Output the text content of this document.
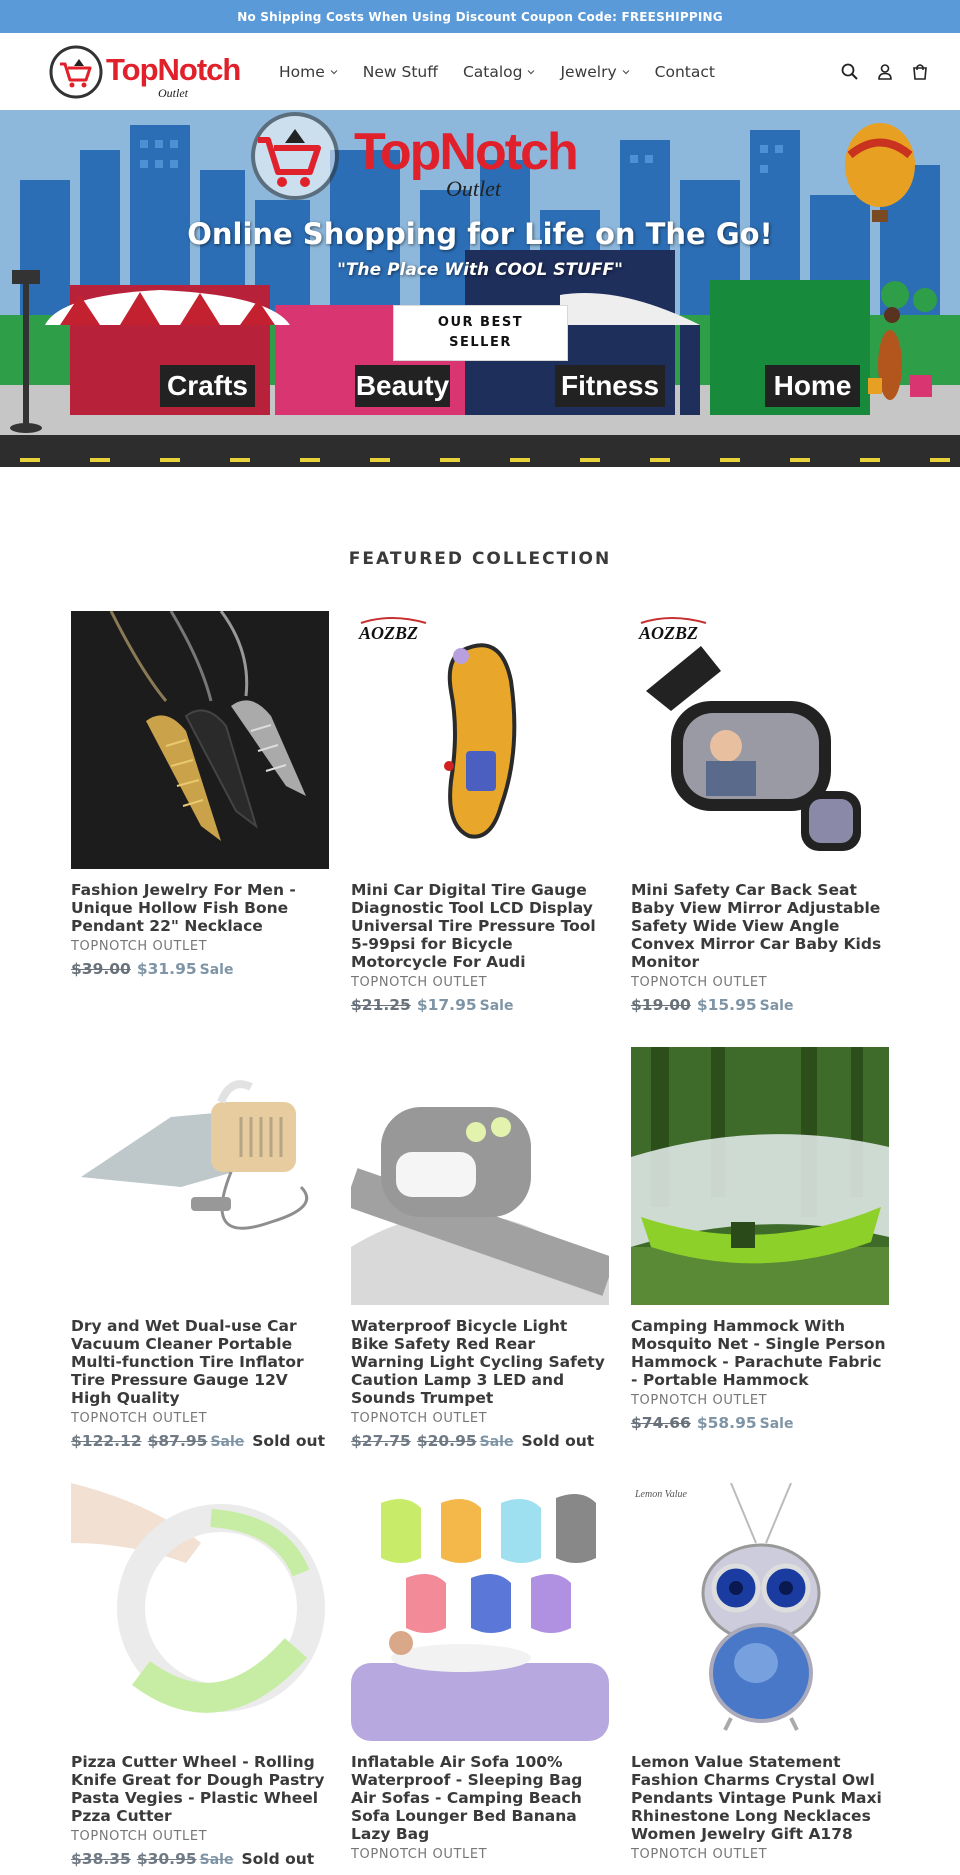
No Shipping Costs When Using Discount Coupon Code: FREESHIPPING
TopNotch
Outlet
Home New Stuff Catalog Jewelry Contact
TopNotch
Outlet
Crafts	Beauty	Fitness	Home
Online Shopping for Life on The Go!
"The Place With COOL STUFF"
OUR BEST SELLER
FEATURED COLLECTION
Fashion Jewelry For Men - Unique Hollow Fish Bone Pendant 22" Necklace
TOPNOTCH OUTLET
$39.00 $31.95 Sale
AOZBZ
Mini Car Digital Tire Gauge Diagnostic Tool LCD Display Universal Tire Pressure Tool 5-99psi for Bicycle Motorcycle For Audi
TOPNOTCH OUTLET
$21.25 $17.95 Sale
AOZBZ
Mini Safety Car Back Seat Baby View Mirror Adjustable Safety Wide View Angle Convex Mirror Car Baby Kids Monitor
TOPNOTCH OUTLET
$19.00 $15.95 Sale
Dry and Wet Dual-use Car Vacuum Cleaner Portable Multi-function Tire Inflator Tire Pressure Gauge 12V High Quality
TOPNOTCH OUTLET
$122.12 $87.95 Sale Sold out
Waterproof Bicycle Light Bike Safety Red Rear Warning Light Cycling Safety Caution Lamp 3 LED and Sounds Trumpet
TOPNOTCH OUTLET
$27.75 $20.95 Sale Sold out
Camping Hammock With Mosquito Net - Single Person Hammock - Parachute Fabric - Portable Hammock
TOPNOTCH OUTLET
$74.66 $58.95 Sale
Pizza Cutter Wheel - Rolling Knife Great for Dough Pastry Pasta Vegies - Plastic Wheel Pzza Cutter
TOPNOTCH OUTLET
$38.35 $30.95 Sale Sold out
Inflatable Air Sofa 100% Waterproof - Sleeping Bag Air Sofas - Camping Beach Sofa Lounger Bed Banana Lazy Bag
TOPNOTCH OUTLET
Lemon Value
Lemon Value Statement Fashion Charms Crystal Owl Pendants Vintage Punk Maxi Rhinestone Long Necklaces Women Jewelry Gift A178
TOPNOTCH OUTLET
